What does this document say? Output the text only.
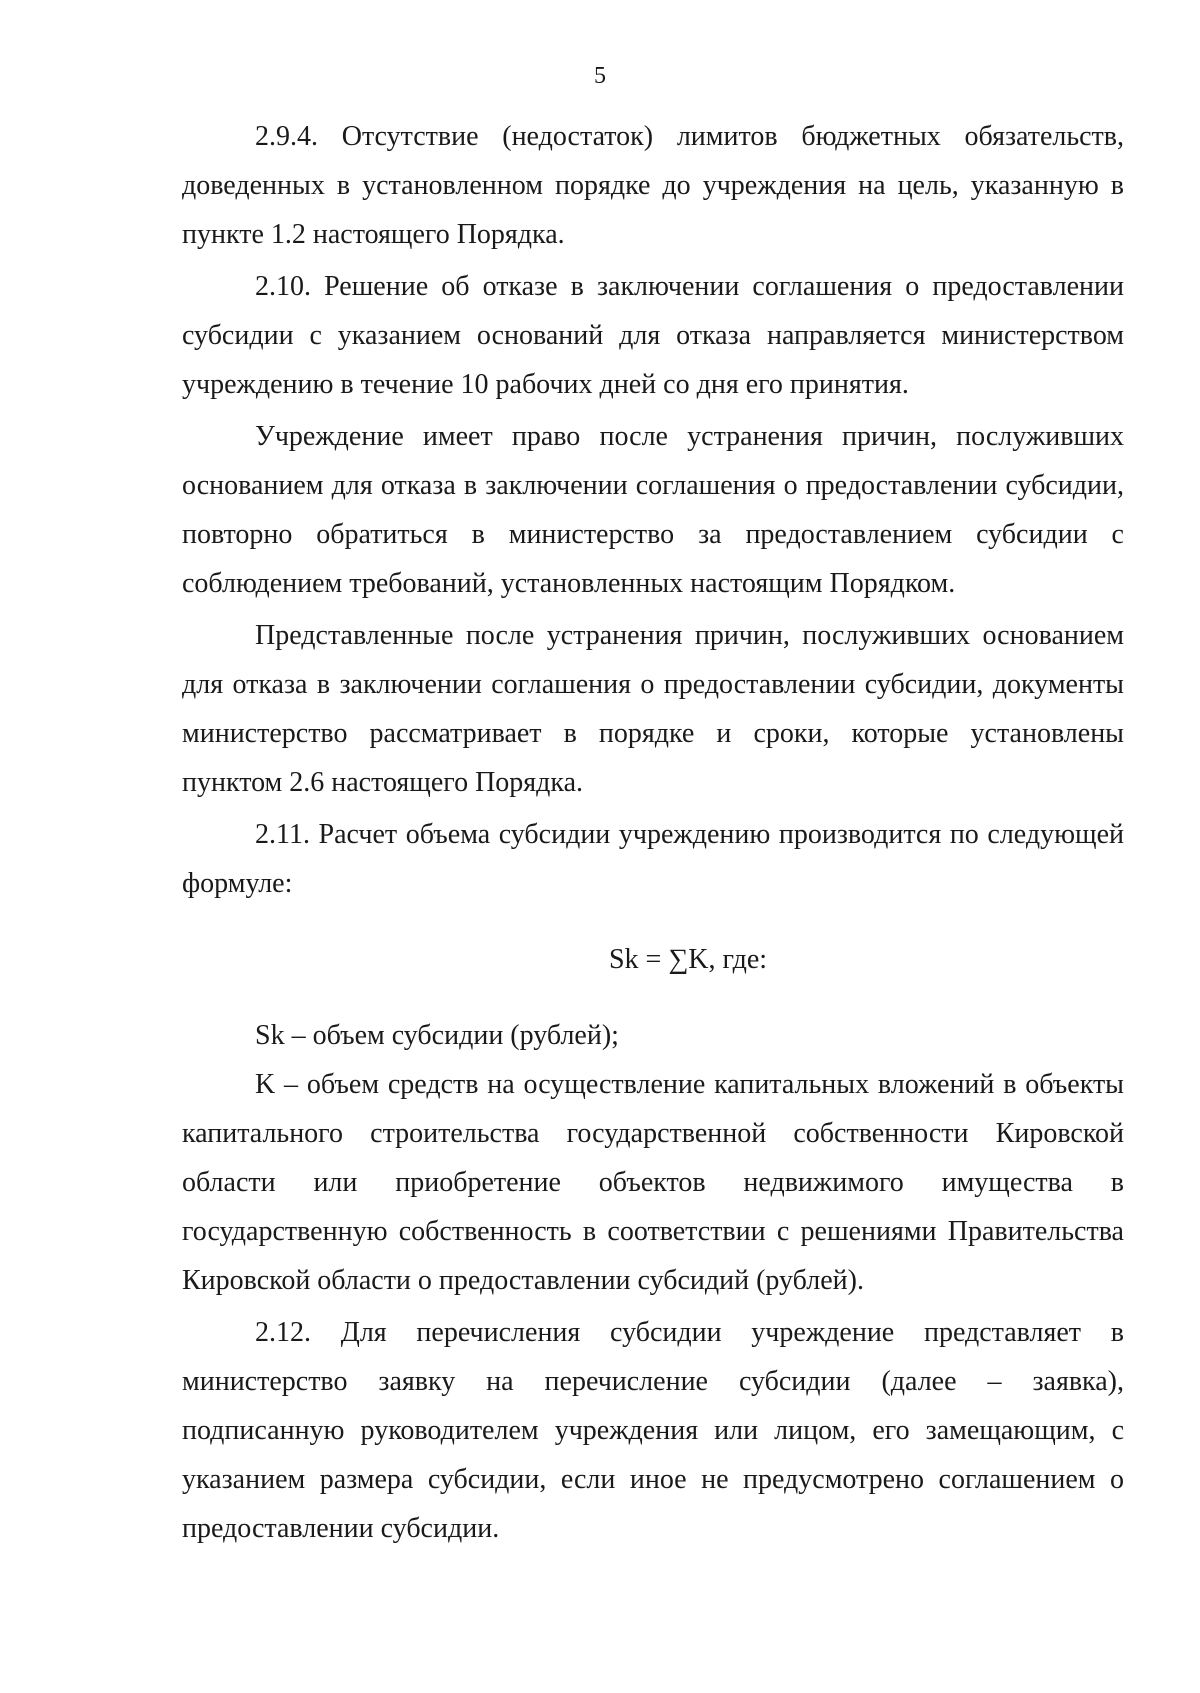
5

2.9.4. Отсутствие (недостаток) лимитов бюджетных обязательств, доведенных в установленном порядке до учреждения на цель, указанную в пункте 1.2 настоящего Порядка.

2.10. Решение об отказе в заключении соглашения о предоставлении субсидии с указанием оснований для отказа направляется министерством учреждению в течение 10 рабочих дней со дня его принятия.

Учреждение имеет право после устранения причин, послуживших основанием для отказа в заключении соглашения о предоставлении субсидии, повторно обратиться в министерство за предоставлением субсидии с соблюдением требований, установленных настоящим Порядком.

Представленные после устранения причин, послуживших основанием для отказа в заключении соглашения о предоставлении субсидии, документы министерство рассматривает в порядке и сроки, которые установлены пунктом 2.6 настоящего Порядка.

2.11. Расчет объема субсидии учреждению производится по следующей формуле:

Sk = ∑K, где:

Sk – объем субсидии (рублей);

K – объем средств на осуществление капитальных вложений в объекты капитального строительства государственной собственности Кировской области или приобретение объектов недвижимого имущества в государственную собственность в соответствии с решениями Правительства Кировской области о предоставлении субсидий (рублей).

2.12. Для перечисления субсидии учреждение представляет в министерство заявку на перечисление субсидии (далее – заявка), подписанную руководителем учреждения или лицом, его замещающим, с указанием размера субсидии, если иное не предусмотрено соглашением о предоставлении субсидии.
